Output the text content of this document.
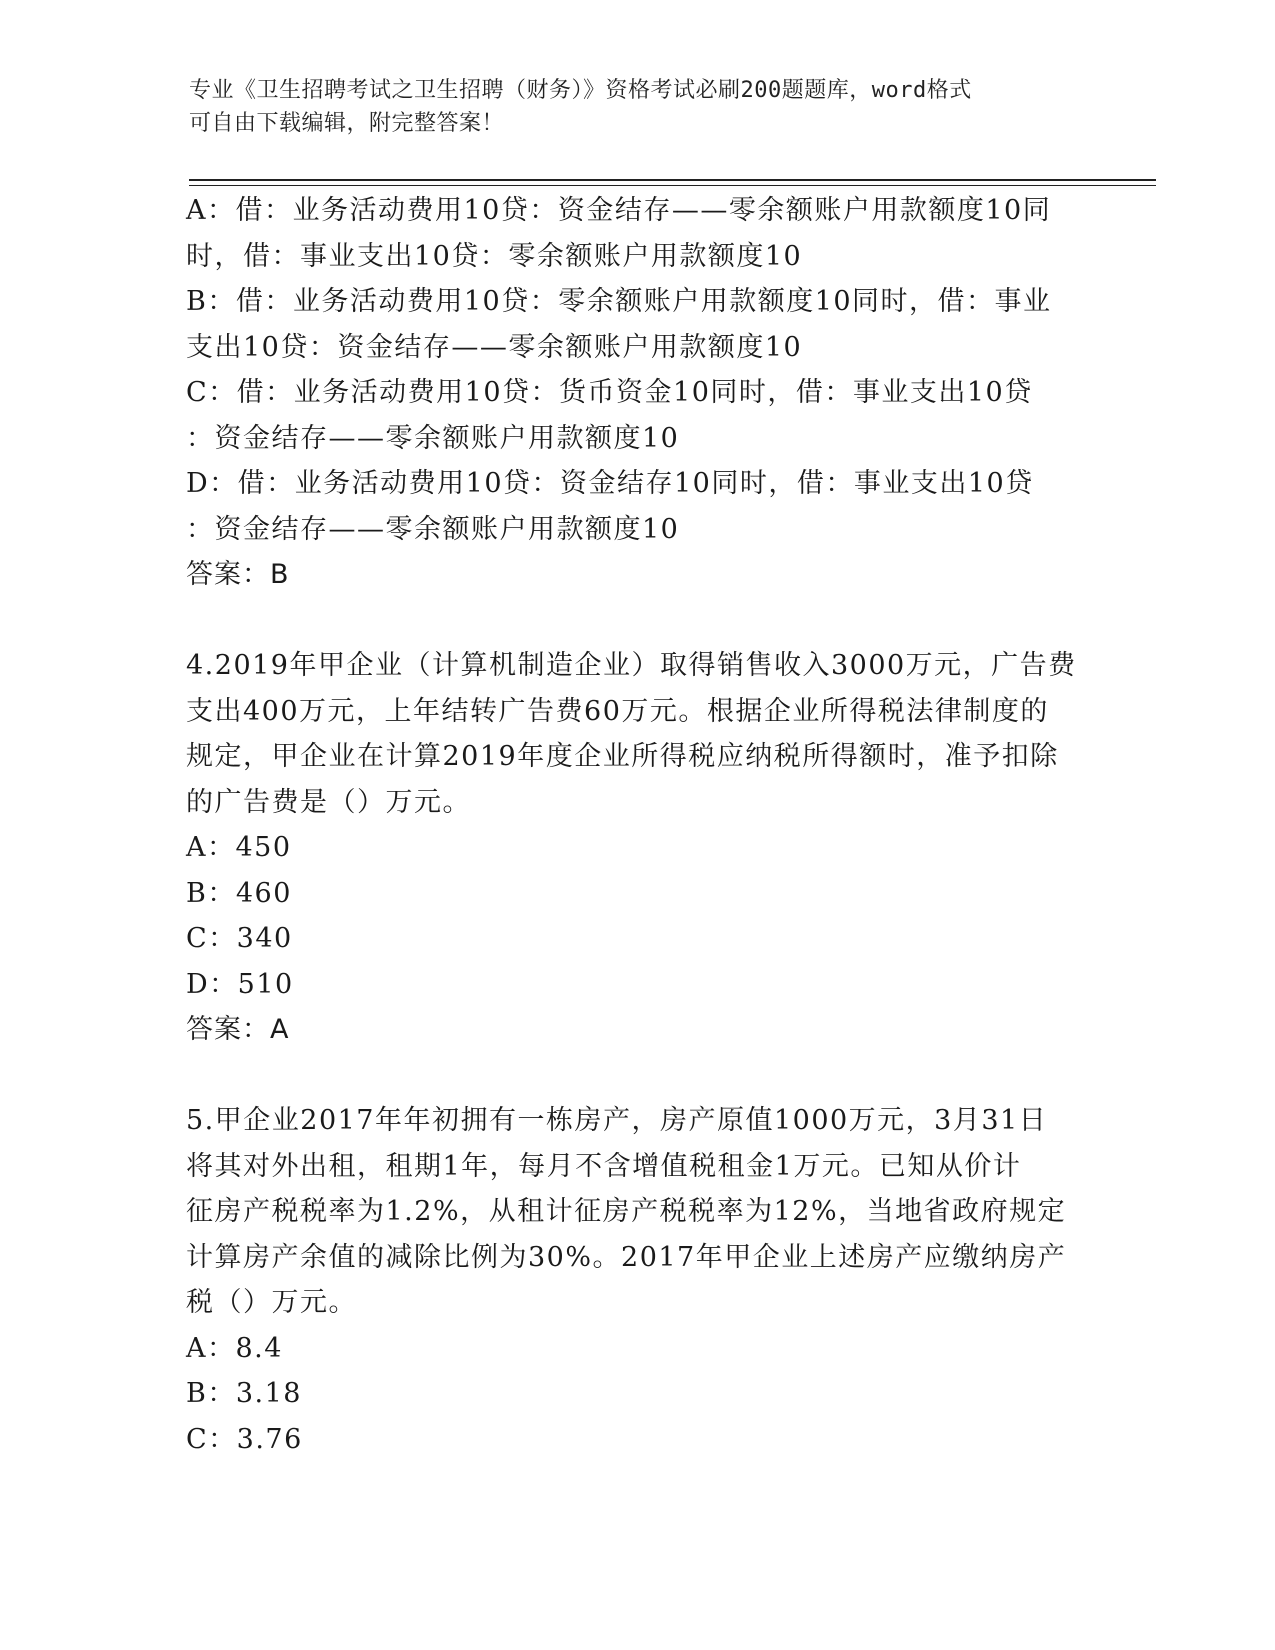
专业《卫生招聘考试之卫生招聘（财务）》资格考试必刷200题题库，word格式
可自由下载编辑，附完整答案！
A：借：业务活动费用10贷：资金结存——零余额账户用款额度10同
时，借：事业支出10贷：零余额账户用款额度10
B：借：业务活动费用10贷：零余额账户用款额度10同时，借：事业
支出10贷：资金结存——零余额账户用款额度10
C：借：业务活动费用10贷：货币资金10同时，借：事业支出10贷
：资金结存——零余额账户用款额度10
D：借：业务活动费用10贷：资金结存10同时，借：事业支出10贷
：资金结存——零余额账户用款额度10
答案：B
4.2019年甲企业（计算机制造企业）取得销售收入3000万元，广告费
支出400万元，上年结转广告费60万元。根据企业所得税法律制度的
规定，甲企业在计算2019年度企业所得税应纳税所得额时，准予扣除
的广告费是（）万元。
A：450
B：460
C：340
D：510
答案：A
5.甲企业2017年年初拥有一栋房产，房产原值1000万元，3月31日
将其对外出租，租期1年，每月不含增值税租金1万元。已知从价计
征房产税税率为1.2%，从租计征房产税税率为12%，当地省政府规定
计算房产余值的减除比例为30%。2017年甲企业上述房产应缴纳房产
税（）万元。
A：8.4
B：3.18
C：3.76
